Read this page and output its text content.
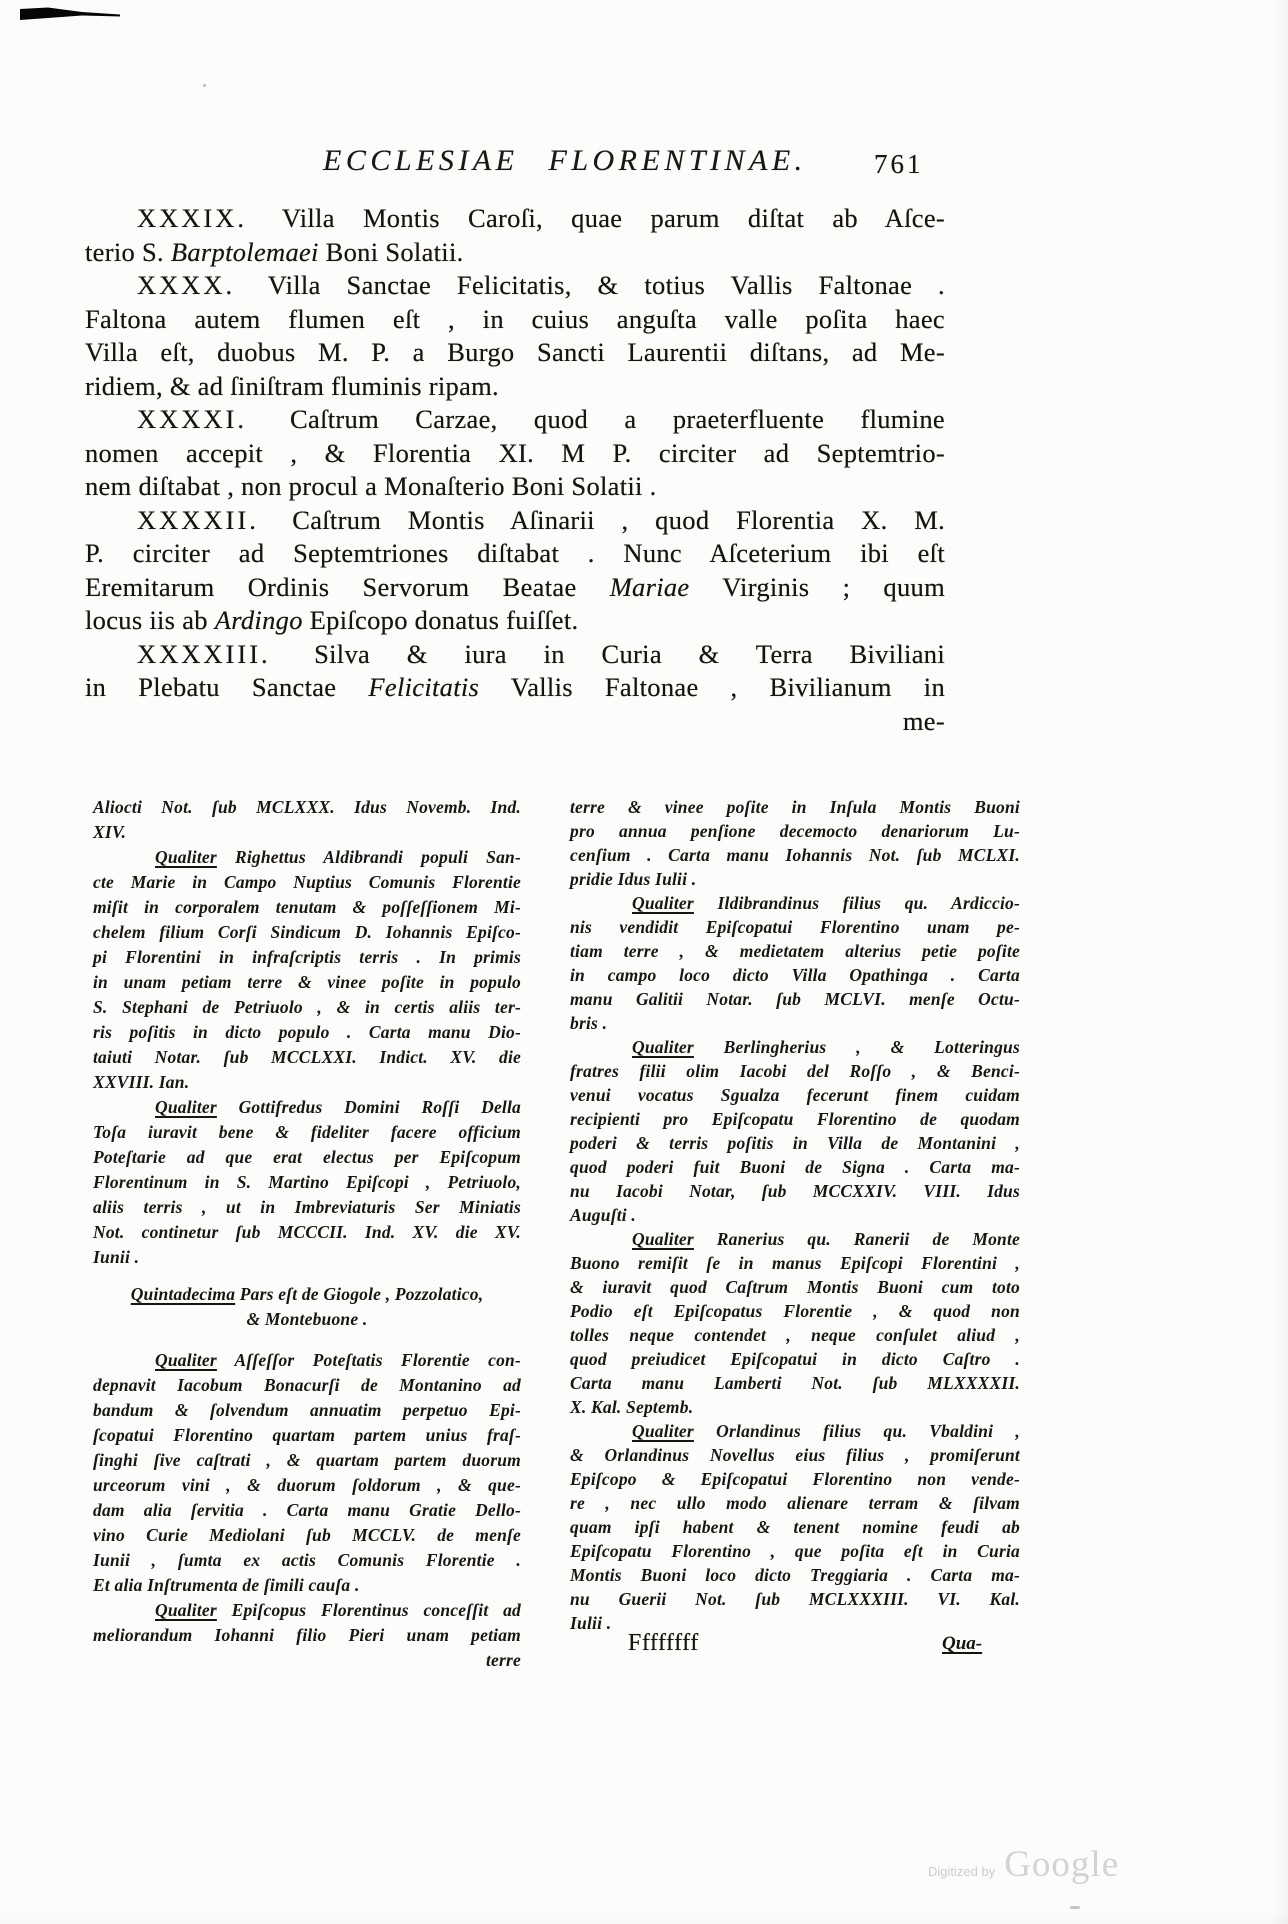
ECCLESIAE FLORENTINAE. 761
XXXIX. Villa Montis Caroſi, quae parum diſtat ab Aſce-
terio S. Barptolemaei Boni Solatii.
XXXX. Villa Sanctae Felicitatis, & totius Vallis Faltonae .
Faltona autem flumen eſt , in cuius anguſta valle poſita haec
Villa eſt, duobus M. P. a Burgo Sancti Laurentii diſtans, ad Me-
ridiem, & ad ſiniſtram fluminis ripam.
XXXXI. Caſtrum Carzae, quod a praeterfluente flumine
nomen accepit , & Florentia XI. M P. circiter ad Septemtrio-
nem diſtabat , non procul a Monaſterio Boni Solatii .
XXXXII. Caſtrum Montis Aſinarii , quod Florentia X. M.
P. circiter ad Septemtriones diſtabat . Nunc Aſceterium ibi eſt
Eremitarum Ordinis Servorum Beatae Mariae Virginis ; quum
locus iis ab Ardingo Epiſcopo donatus fuiſſet.
XXXXIII. Silva & iura in Curia & Terra Biviliani
in Plebatu Sanctae Felicitatis Vallis Faltonae , Bivilianum in
me-
Aliocti Not. ſub MCLXXX. Idus Novemb. Ind.
XIV.
Qualiter Righettus Aldibrandi populi San-
cte Marie in Campo Nuptius Comunis Florentie
miſit in corporalem tenutam & poſſeſſionem Mi-
chelem filium Corſi Sindicum D. Iohannis Epiſco-
pi Florentini in infraſcriptis terris . In primis
in unam petiam terre & vinee poſite in populo
S. Stephani de Petriuolo , & in certis aliis ter-
ris poſitis in dicto populo . Carta manu Dio-
taiuti Notar. ſub MCCLXXI. Indict. XV. die
XXVIII. Ian.
Qualiter Gottifredus Domini Roſſi Della
Toſa iuravit bene & fideliter facere officium
Poteſtarie ad que erat electus per Epiſcopum
Florentinum in S. Martino Epiſcopi , Petriuolo,
aliis terris , ut in Imbreviaturis Ser Miniatis
Not. continetur ſub MCCCII. Ind. XV. die XV.
Iunii .
Quintadecima Pars eſt de Giogole , Pozzolatico,
& Montebuone .
Qualiter Aſſeſſor Poteſtatis Florentie con-
depnavit Iacobum Bonacurſi de Montanino ad
bandum & ſolvendum annuatim perpetuo Epi-
ſcopatui Florentino quartam partem unius fraſ-
ſinghi ſive caſtrati , & quartam partem duorum
urceorum vini , & duorum ſoldorum , & que-
dam alia ſervitia . Carta manu Gratie Dello-
vino Curie Mediolani ſub MCCLV. de menſe
Iunii , ſumta ex actis Comunis Florentie .
Et alia Inſtrumenta de ſimili cauſa .
Qualiter Epiſcopus Florentinus conceſſit ad
meliorandum Iohanni filio Pieri unam petiam
terre
terre & vinee poſite in Inſula Montis Buoni
pro annua penſione decemocto denariorum Lu-
cenſium . Carta manu Iohannis Not. ſub MCLXI.
pridie Idus Iulii .
Qualiter Ildibrandinus filius qu. Ardiccio-
nis vendidit Epiſcopatui Florentino unam pe-
tiam terre , & medietatem alterius petie poſite
in campo loco dicto Villa Opathinga . Carta
manu Galitii Notar. ſub MCLVI. menſe Octu-
bris .
Qualiter Berlingherius , & Lotteringus
fratres filii olim Iacobi del Roſſo , & Benci-
venui vocatus Sgualza fecerunt finem cuidam
recipienti pro Epiſcopatu Florentino de quodam
poderi & terris poſitis in Villa de Montanini ,
quod poderi fuit Buoni de Signa . Carta ma-
nu Iacobi Notar, ſub MCCXXIV. VIII. Idus
Auguſti .
Qualiter Ranerius qu. Ranerii de Monte
Buono remiſit ſe in manus Epiſcopi Florentini ,
& iuravit quod Caſtrum Montis Buoni cum toto
Podio eſt Epiſcopatus Florentie , & quod non
tolles neque contendet , neque conſulet aliud ,
quod preiudicet Epiſcopatui in dicto Caſtro .
Carta manu Lamberti Not. ſub MLXXXXII.
X. Kal. Septemb.
Qualiter Orlandinus filius qu. Vbaldini ,
& Orlandinus Novellus eius filius , promiſerunt
Epiſcopo & Epiſcopatui Florentino non vende-
re , nec ullo modo alienare terram & ſilvam
quam ipſi habent & tenent nomine feudi ab
Epiſcopatu Florentino , que poſita eſt in Curia
Montis Buoni loco dicto Treggiaria . Carta ma-
nu Guerii Not. ſub MCLXXXIII. VI. Kal.
Iulii .
Ffffffff	Qua-
Digitized by Google
